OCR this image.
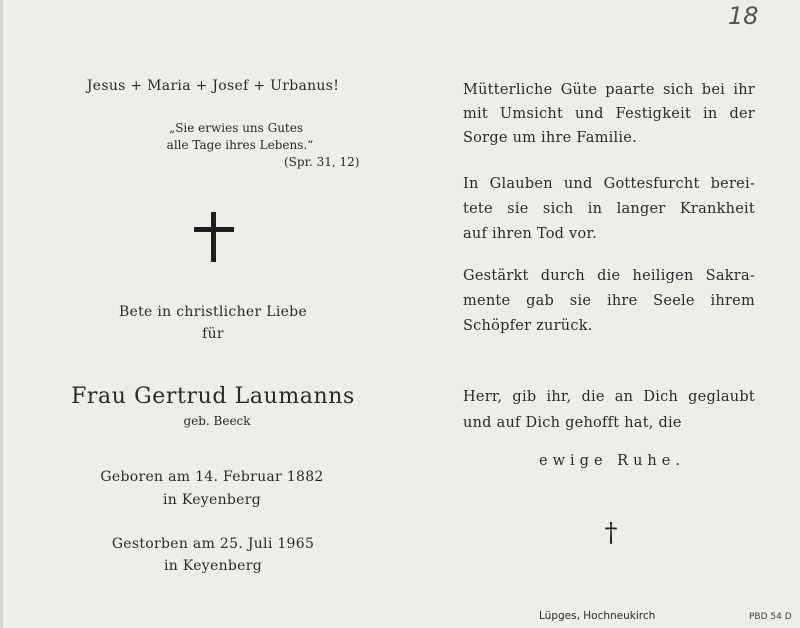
18
Jesus + Maria + Josef + Urbanus!
„Sie erwies uns Gutes
alle Tage ihres Lebens.“
(Spr. 31, 12)
Bete in christlicher Liebe
für
Frau Gertrud Laumanns
geb. Beeck
Geboren am 14. Februar 1882
in Keyenberg
Gestorben am 25. Juli 1965
in Keyenberg
Mütterliche Güte paarte sich bei ihr
mit Umsicht und Festigkeit in der
Sorge um ihre Familie.
In Glauben und Gottesfurcht berei-
tete sie sich in langer Krankheit
auf ihren Tod vor.
Gestärkt durch die heiligen Sakra-
mente gab sie ihre Seele ihrem
Schöpfer zurück.
Herr, gib ihr, die an Dich geglaubt
und auf Dich gehofft hat, die
ewige Ruhe.
†
Lüpges, Hochneukirch	PBD 54 D
